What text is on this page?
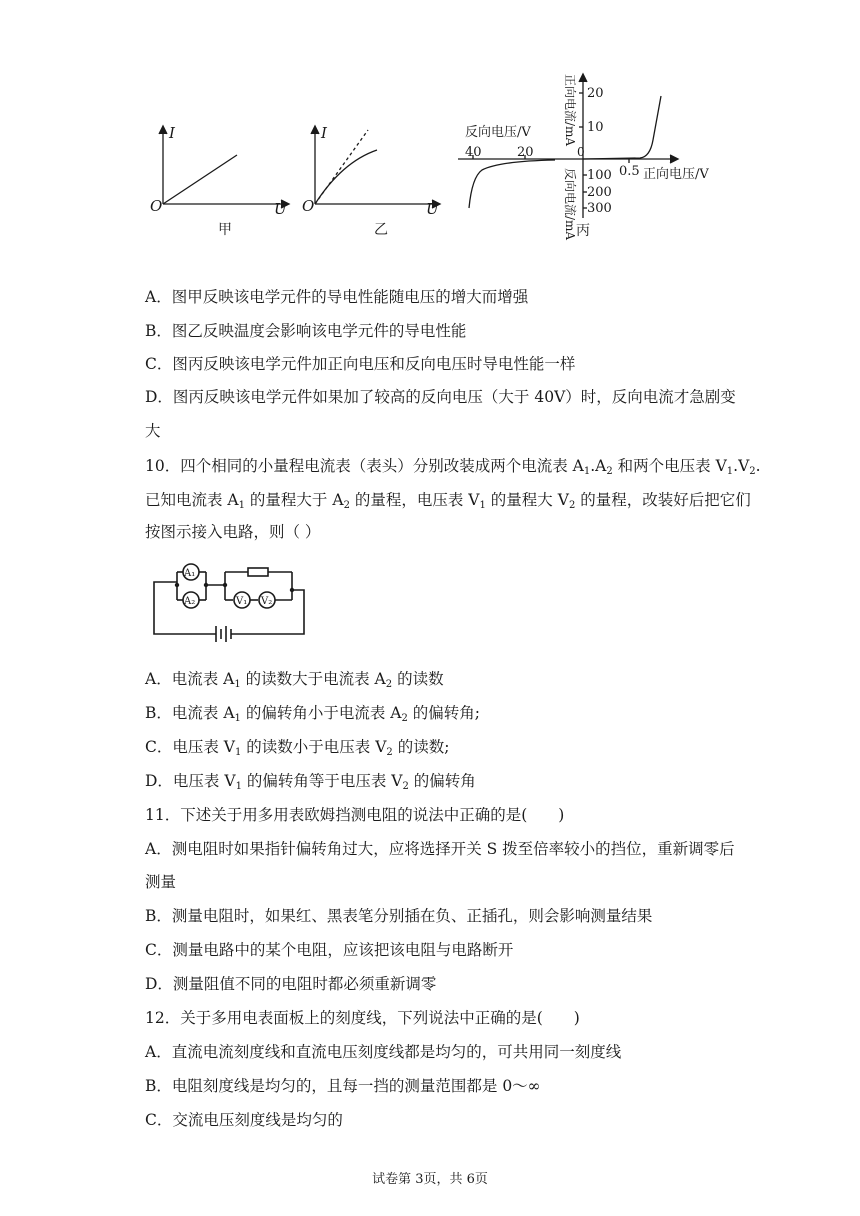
I
O	U
甲
I
O	U
乙
反向电压/V
40	20	0
20
10
100
200
300
0.5 正向电压/V
正向电流/mA
反向电流/mA 丙
A．图甲反映该电学元件的导电性能随电压的增大而增强
B．图乙反映温度会影响该电学元件的导电性能
C．图丙反映该电学元件加正向电压和反向电压时导电性能一样
D．图丙反映该电学元件如果加了较高的反向电压（大于 40V）时，反向电流才急剧变
大
10．四个相同的小量程电流表（表头）分别改装成两个电流表 $A_1.A_2$ 和两个电压表 $V_1.V_2$.
已知电流表 $A_1$ 的量程大于 $A_2$ 的量程，电压表 $V_1$ 的量程大 $V_2$ 的量程，改装好后把它们
按图示接入电路，则（ ）
A₁
A₂	V₁ V₂
A．电流表 $A_1$ 的读数大于电流表 $A_2$ 的读数
B．电流表 $A_1$ 的偏转角小于电流表 $A_2$ 的偏转角;
C．电压表 $V_1$ 的读数小于电压表 $V_2$ 的读数;
D．电压表 $V_1$ 的偏转角等于电压表 $V_2$ 的偏转角
11．下述关于用多用表欧姆挡测电阻的说法中正确的是(　　)
A．测电阻时如果指针偏转角过大，应将选择开关 S 拨至倍率较小的挡位，重新调零后
测量
B．测量电阻时，如果红、黑表笔分别插在负、正插孔，则会影响测量结果
C．测量电路中的某个电阻，应该把该电阻与电路断开
D．测量阻值不同的电阻时都必须重新调零
12．关于多用电表面板上的刻度线，下列说法中正确的是(　　)
A．直流电流刻度线和直流电压刻度线都是均匀的，可共用同一刻度线
B．电阻刻度线是均匀的，且每一挡的测量范围都是 0～∞
C．交流电压刻度线是均匀的
试卷第 3页，共 6页
